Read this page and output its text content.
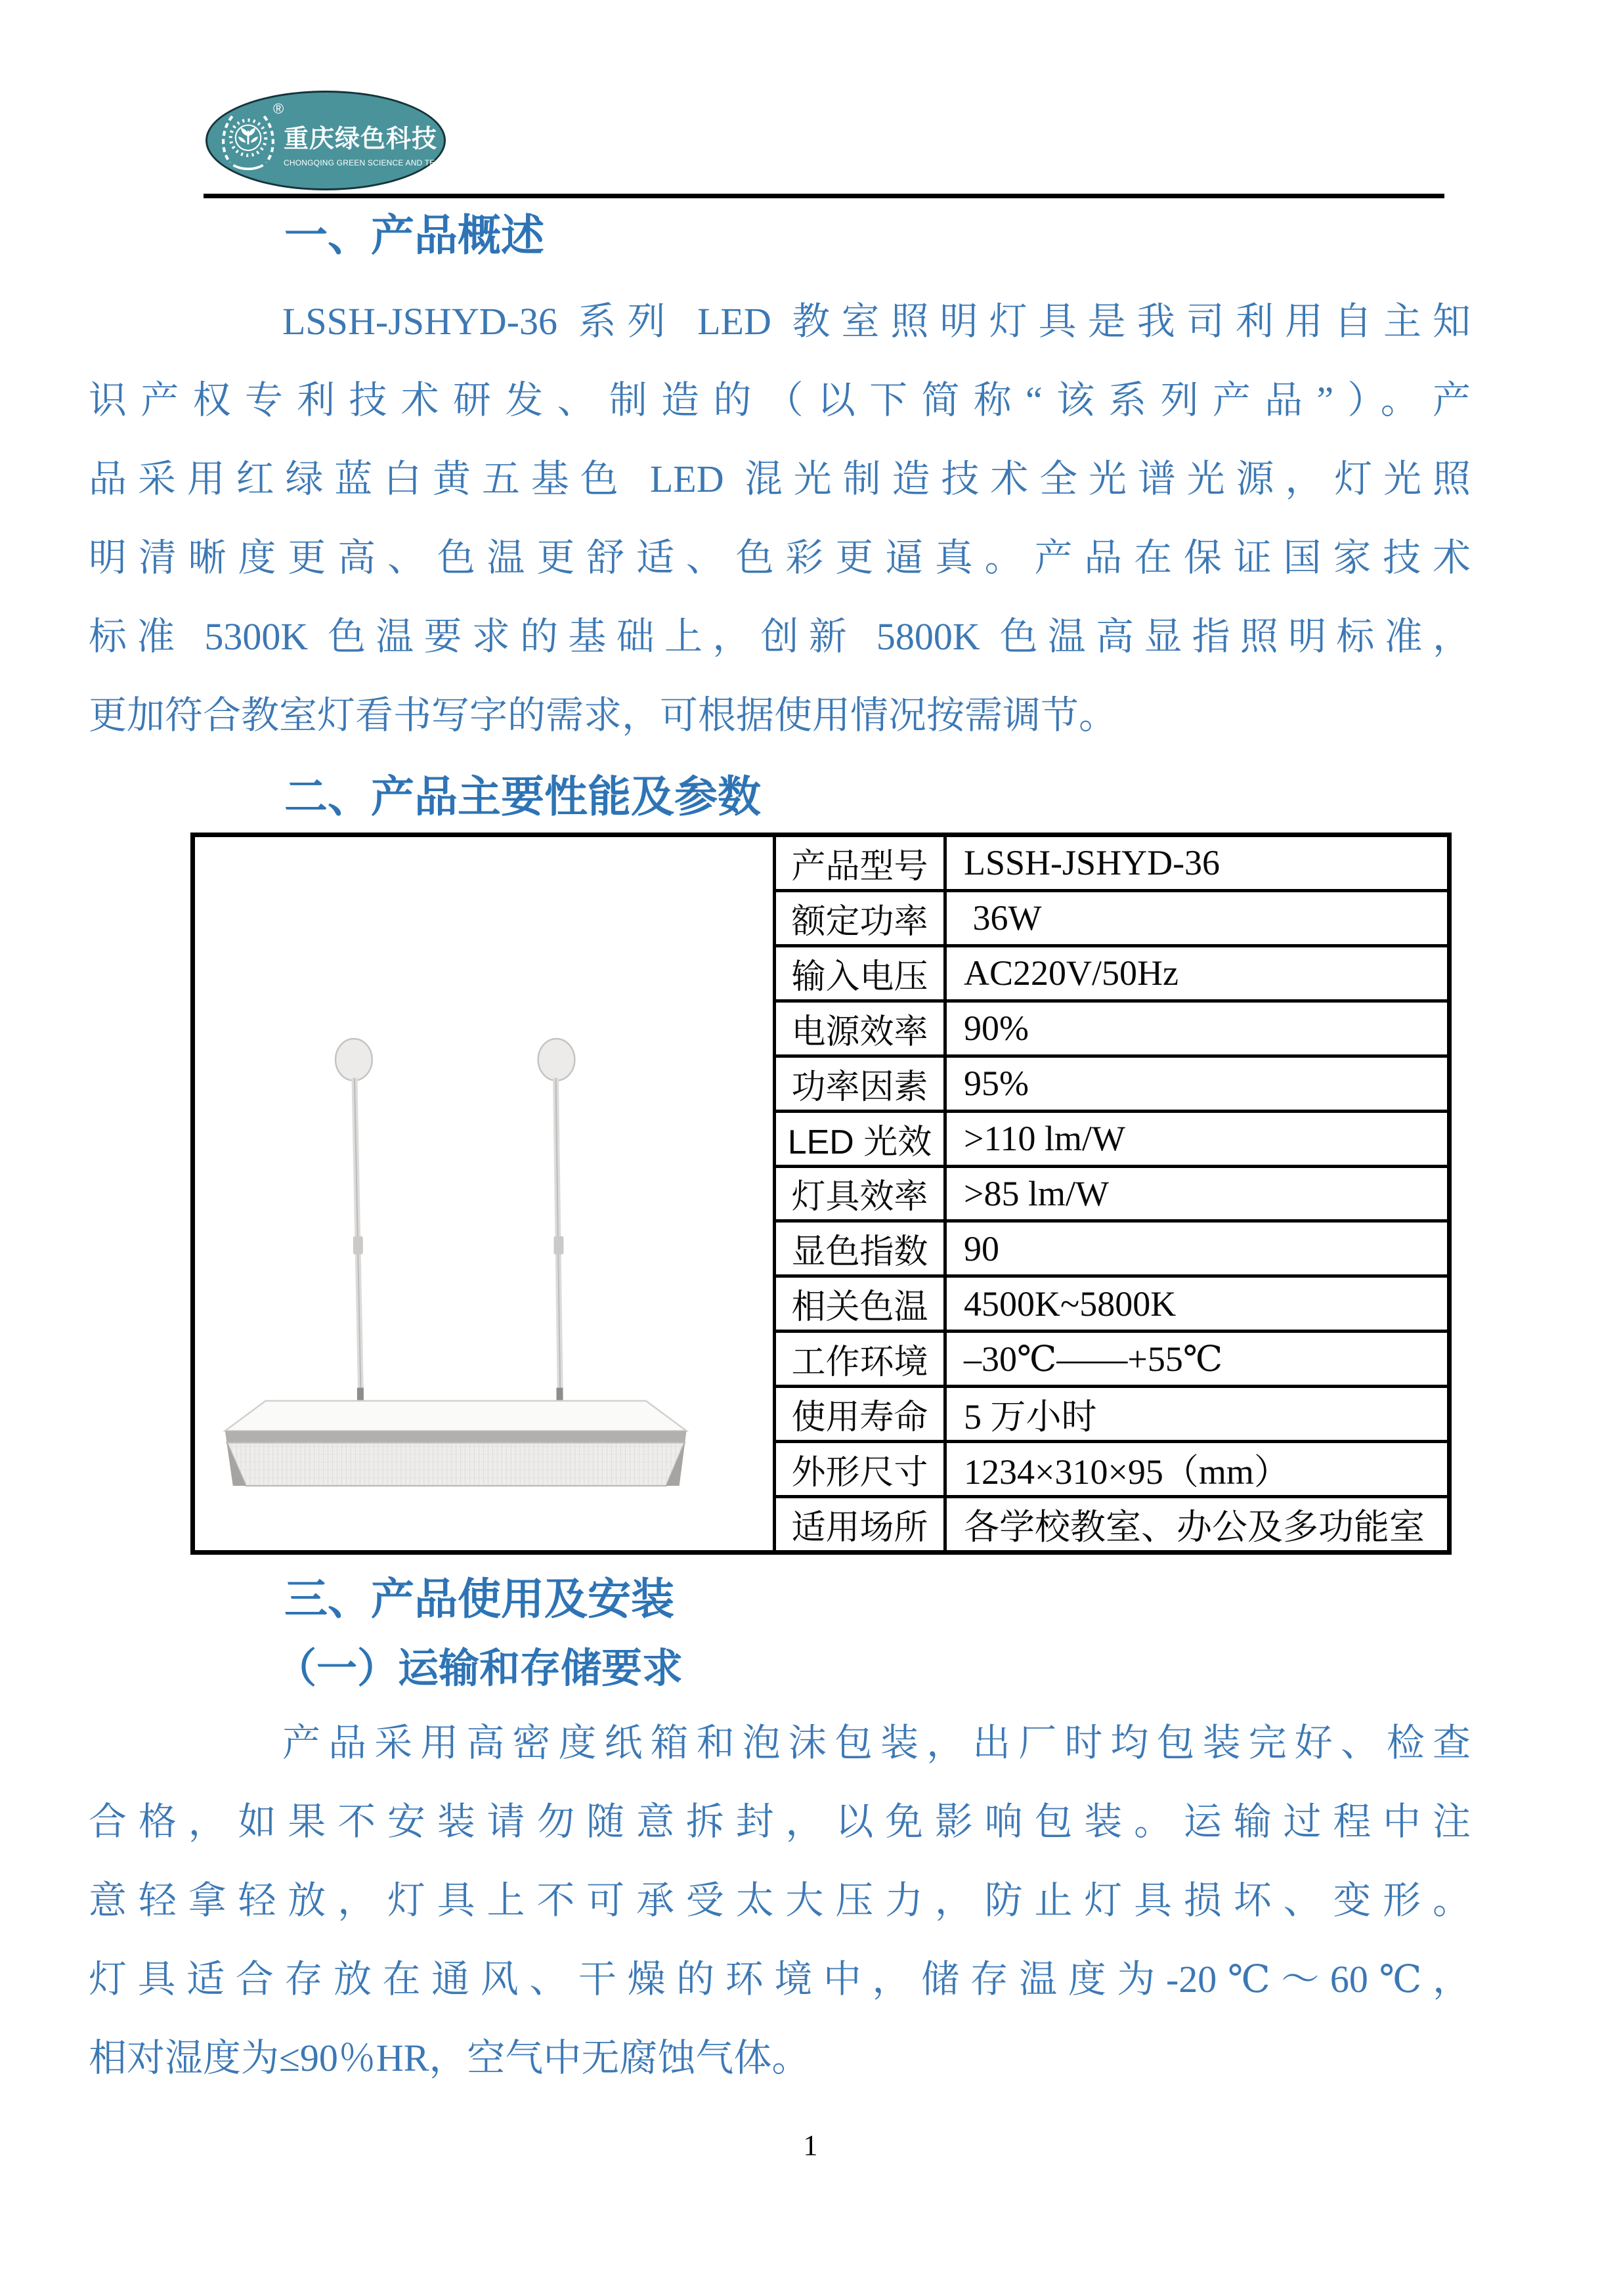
®
重庆绿色科技
CHONGQING GREEN SCIENCE AND TECHNOLOG
一、产品概述
LSSH-JSHYD-36 系列 LED 教室照明灯具是我司利用自主知
识产权专利技术研发、制造的（以下简称“该系列产品”）。产
品采用红绿蓝白黄五基色 LED 混光制造技术全光谱光源，灯光照
明清晰度更高、色温更舒适、色彩更逼真。产品在保证国家技术
标准 5300K 色温要求的基础上，创新 5800K 色温高显指照明标准，
更加符合教室灯看书写字的需求，可根据使用情况按需调节。
二、产品主要性能及参数
产品型号	LSSH-JSHYD-36
额定功率	36W
输入电压	AC220V/50Hz
电源效率	90%
功率因素	95%
LED 光效 >110 lm/W
灯具效率	>85 lm/W
显色指数	90
相关色温	4500K~5800K
工作环境	–30℃——+55℃
使用寿命	5 万小时
外形尺寸	1234×310×95（mm）
适用场所	各学校教室、办公及多功能室
三、产品使用及安装
（一）运输和存储要求
产品采用高密度纸箱和泡沫包装，出厂时均包装完好、检查
合格，如果不安装请勿随意拆封，以免影响包装。运输过程中注
意轻拿轻放，灯具上不可承受太大压力，防止灯具损坏、变形。
灯具适合存放在通风、干燥的环境中，储存温度为-20℃～60℃，
相对湿度为≤90％HR，空气中无腐蚀气体。
1
